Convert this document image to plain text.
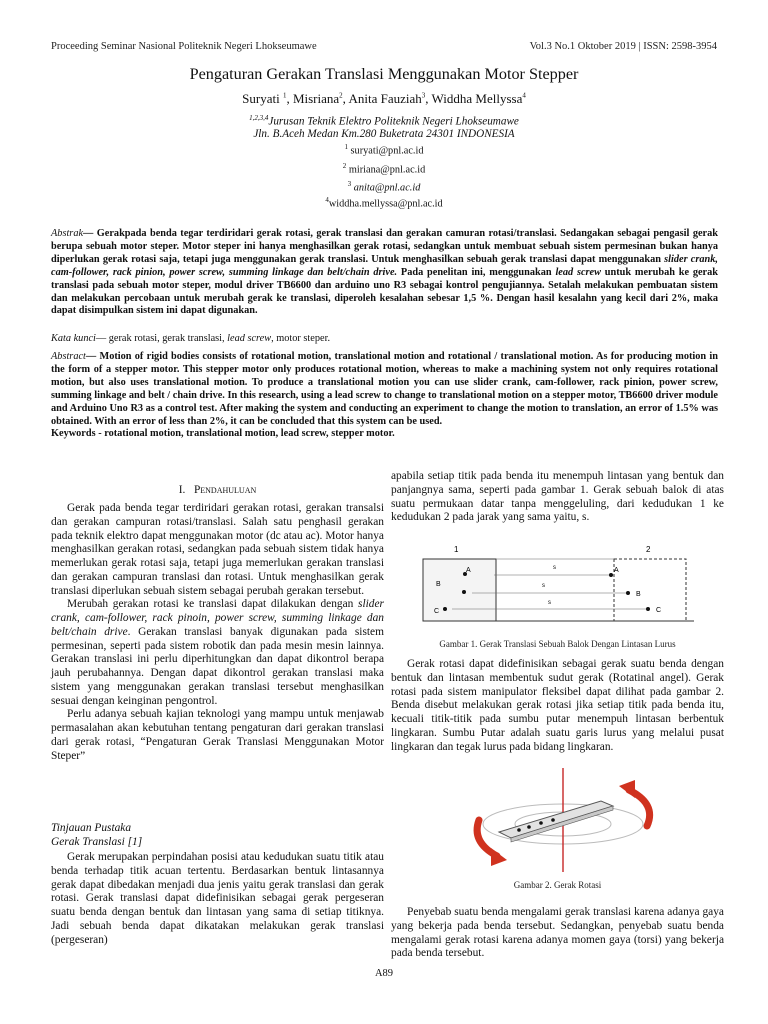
Proceeding Seminar Nasional Politeknik Negeri Lhokseumawe	Vol.3 No.1 Oktober 2019 | ISSN: 2598-3954
Pengaturan Gerakan Translasi Menggunakan Motor Stepper
Suryati $^1$, Misriana$^2$, Anita Fauziah$^3$, Widdha Mellyssa$^4$
$^{1,2,3,4}$Jurusan Teknik Elektro Politeknik Negeri Lhokseumawe
Jln. B.Aceh Medan Km.280 Buketrata 24301 INDONESIA
$^1$ suryati@pnl.ac.id
$^2$ miriana@pnl.ac.id
$^3$ anita@pnl.ac.id
$^4$widdha.mellyssa@pnl.ac.id
Abstrak— Gerakpada benda tegar terdiridari gerak rotasi, gerak translasi dan gerakan camuran rotasi/translasi. Sedangakan sebagai pengasil gerak berupa sebuah motor steper. Motor steper ini hanya menghasilkan gerak rotasi, sedangkan untuk membuat sebuah sistem permesinan bukan hanya diperlukan gerak rotasi saja, tetapi juga menggunakan gerak translasi. Untuk menghasilkan sebuah gerak translasi dapat menggunakan slider crank, cam-follower, rack pinion, power screw, summing linkage dan belt/chain drive. Pada penelitan ini, menggunakan lead screw untuk merubah ke gerak translasi pada sebuah motor steper, modul driver TB6600 dan arduino uno R3 sebagai kontrol pengujiannya. Setalah melakukan pembuatan sistem dan melakukan percobaan untuk merubah gerak ke translasi, diperoleh kesalahan sebesar 1,5 %. Dengan hasil kesalahn yang kecil dari 2%, maka dapat disimpulkan sistem ini dapat digunakan.
Kata kunci— gerak rotasi, gerak translasi, lead screw, motor steper.
Abstract— Motion of rigid bodies consists of rotational motion, translational motion and rotational / translational motion. As for producing motion in the form of a stepper motor. This stepper motor only produces rotational motion, whereas to make a machining system not only requires rotational motion, but also uses translational motion. To produce a translational motion you can use slider crank, cam-follower, rack pinion, power screw, summing linkage and belt / chain drive. In this research, using a lead screw to change to translational motion on a stepper motor, TB6600 driver module and Arduino Uno R3 as a control test. After making the system and conducting an experiment to change the motion to translation, an error of 1.5% was obtained. With an error of less than 2%, it can be concluded that this system can be used.
Keywords - rotational motion, translational motion, lead screw, stepper motor.
I. Pendahuluan

Gerak pada benda tegar terdiridari gerakan rotasi, gerakan transalsi dan gerakan campuran rotasi/translasi. Salah satu penghasil gerakan pada teknik elektro dapat menggunakan motor (dc atau ac). Motor hanya menghasilkan gerakan rotasi, sedangkan pada sebuah sistem tidak hanya memerlukan gerak rotasi saja, tetapi juga memerlukan gerakan translasi dan gerakan campuran translasi dan rotasi. Untuk menghasilkan gerak translasi diperlukan sebuah sistem sebagai perubah gerakan tersebut.

Merubah gerakan rotasi ke translasi dapat dilakukan dengan slider crank, cam-follower, rack pinoin, power screw, summing linkage dan belt/chain drive. Gerakan translasi banyak digunakan pada sistem permesinan, seperti pada sistem robotik dan pada mesin mesin lainnya. Gerakan translasi ini perlu diperhitungkan dan dapat dikontrol berapa jauh perubahannya. Dengan dapat dikontrol gerakan translasi maka sistem yang menggunakan gerakan translasi tersebut menghasilkan sesuai dengan keinginan pengontrol.

Perlu adanya sebuah kajian teknologi yang mampu untuk menjawab permasalahan akan kebutuhan tentang pengaturan dari gerakan translasi dari gerak rotasi, “Pengaturan Gerak Translasi Menggunakan Motor Steper”

Tinjauan Pustaka
Gerak Translasi [1]

Gerak merupakan perpindahan posisi atau kedudukan suatu titik atau benda terhadap titik acuan tertentu. Berdasarkan bentuk lintasannya gerak dapat dibedakan menjadi dua jenis yaitu gerak translasi dan gerak rotasi. Gerak translasi dapat didefinisikan sebagai gerak pergeseran suatu benda dengan bentuk dan lintasan yang sama di setiap titiknya. Jadi sebuah benda dapat dikatakan melakukan gerak translasi (pergeseran)

apabila setiap titik pada benda itu menempuh lintasan yang bentuk dan panjangnya sama, seperti pada gambar 1. Gerak sebuah balok di atas suatu permukaan datar tanpa menggeluling, dari kedudukan 1 ke kedudukan 2 pada jarak yang sama yaitu, s.

1	2
A
B
C
A
B
C
s
s
s
Gambar 1. Gerak Translasi Sebuah Balok Dengan Lintasan Lurus

Gerak rotasi dapat didefinisikan sebagai gerak suatu benda dengan bentuk dan lintasan membentuk sudut gerak (Rotatinal angel). Gerak rotasi pada sistem manipulator fleksibel dapat dilihat pada gambar 2. Benda disebut melakukan gerak rotasi jika setiap titik pada benda itu, kecuali titik-titik pada sumbu putar menempuh lintasan berbentuk lingkaran. Sumbu Putar adalah suatu garis lurus yang melalui pusat lingkaran dan tegak lurus pada bidang lingkaran.

Gambar 2. Gerak Rotasi

Penyebab suatu benda mengalami gerak translasi karena adanya gaya yang bekerja pada benda tersebut. Sedangkan, penyebab suatu benda mengalami gerak rotasi karena adanya momen gaya (torsi) yang bekerja pada benda tersebut.

A89
